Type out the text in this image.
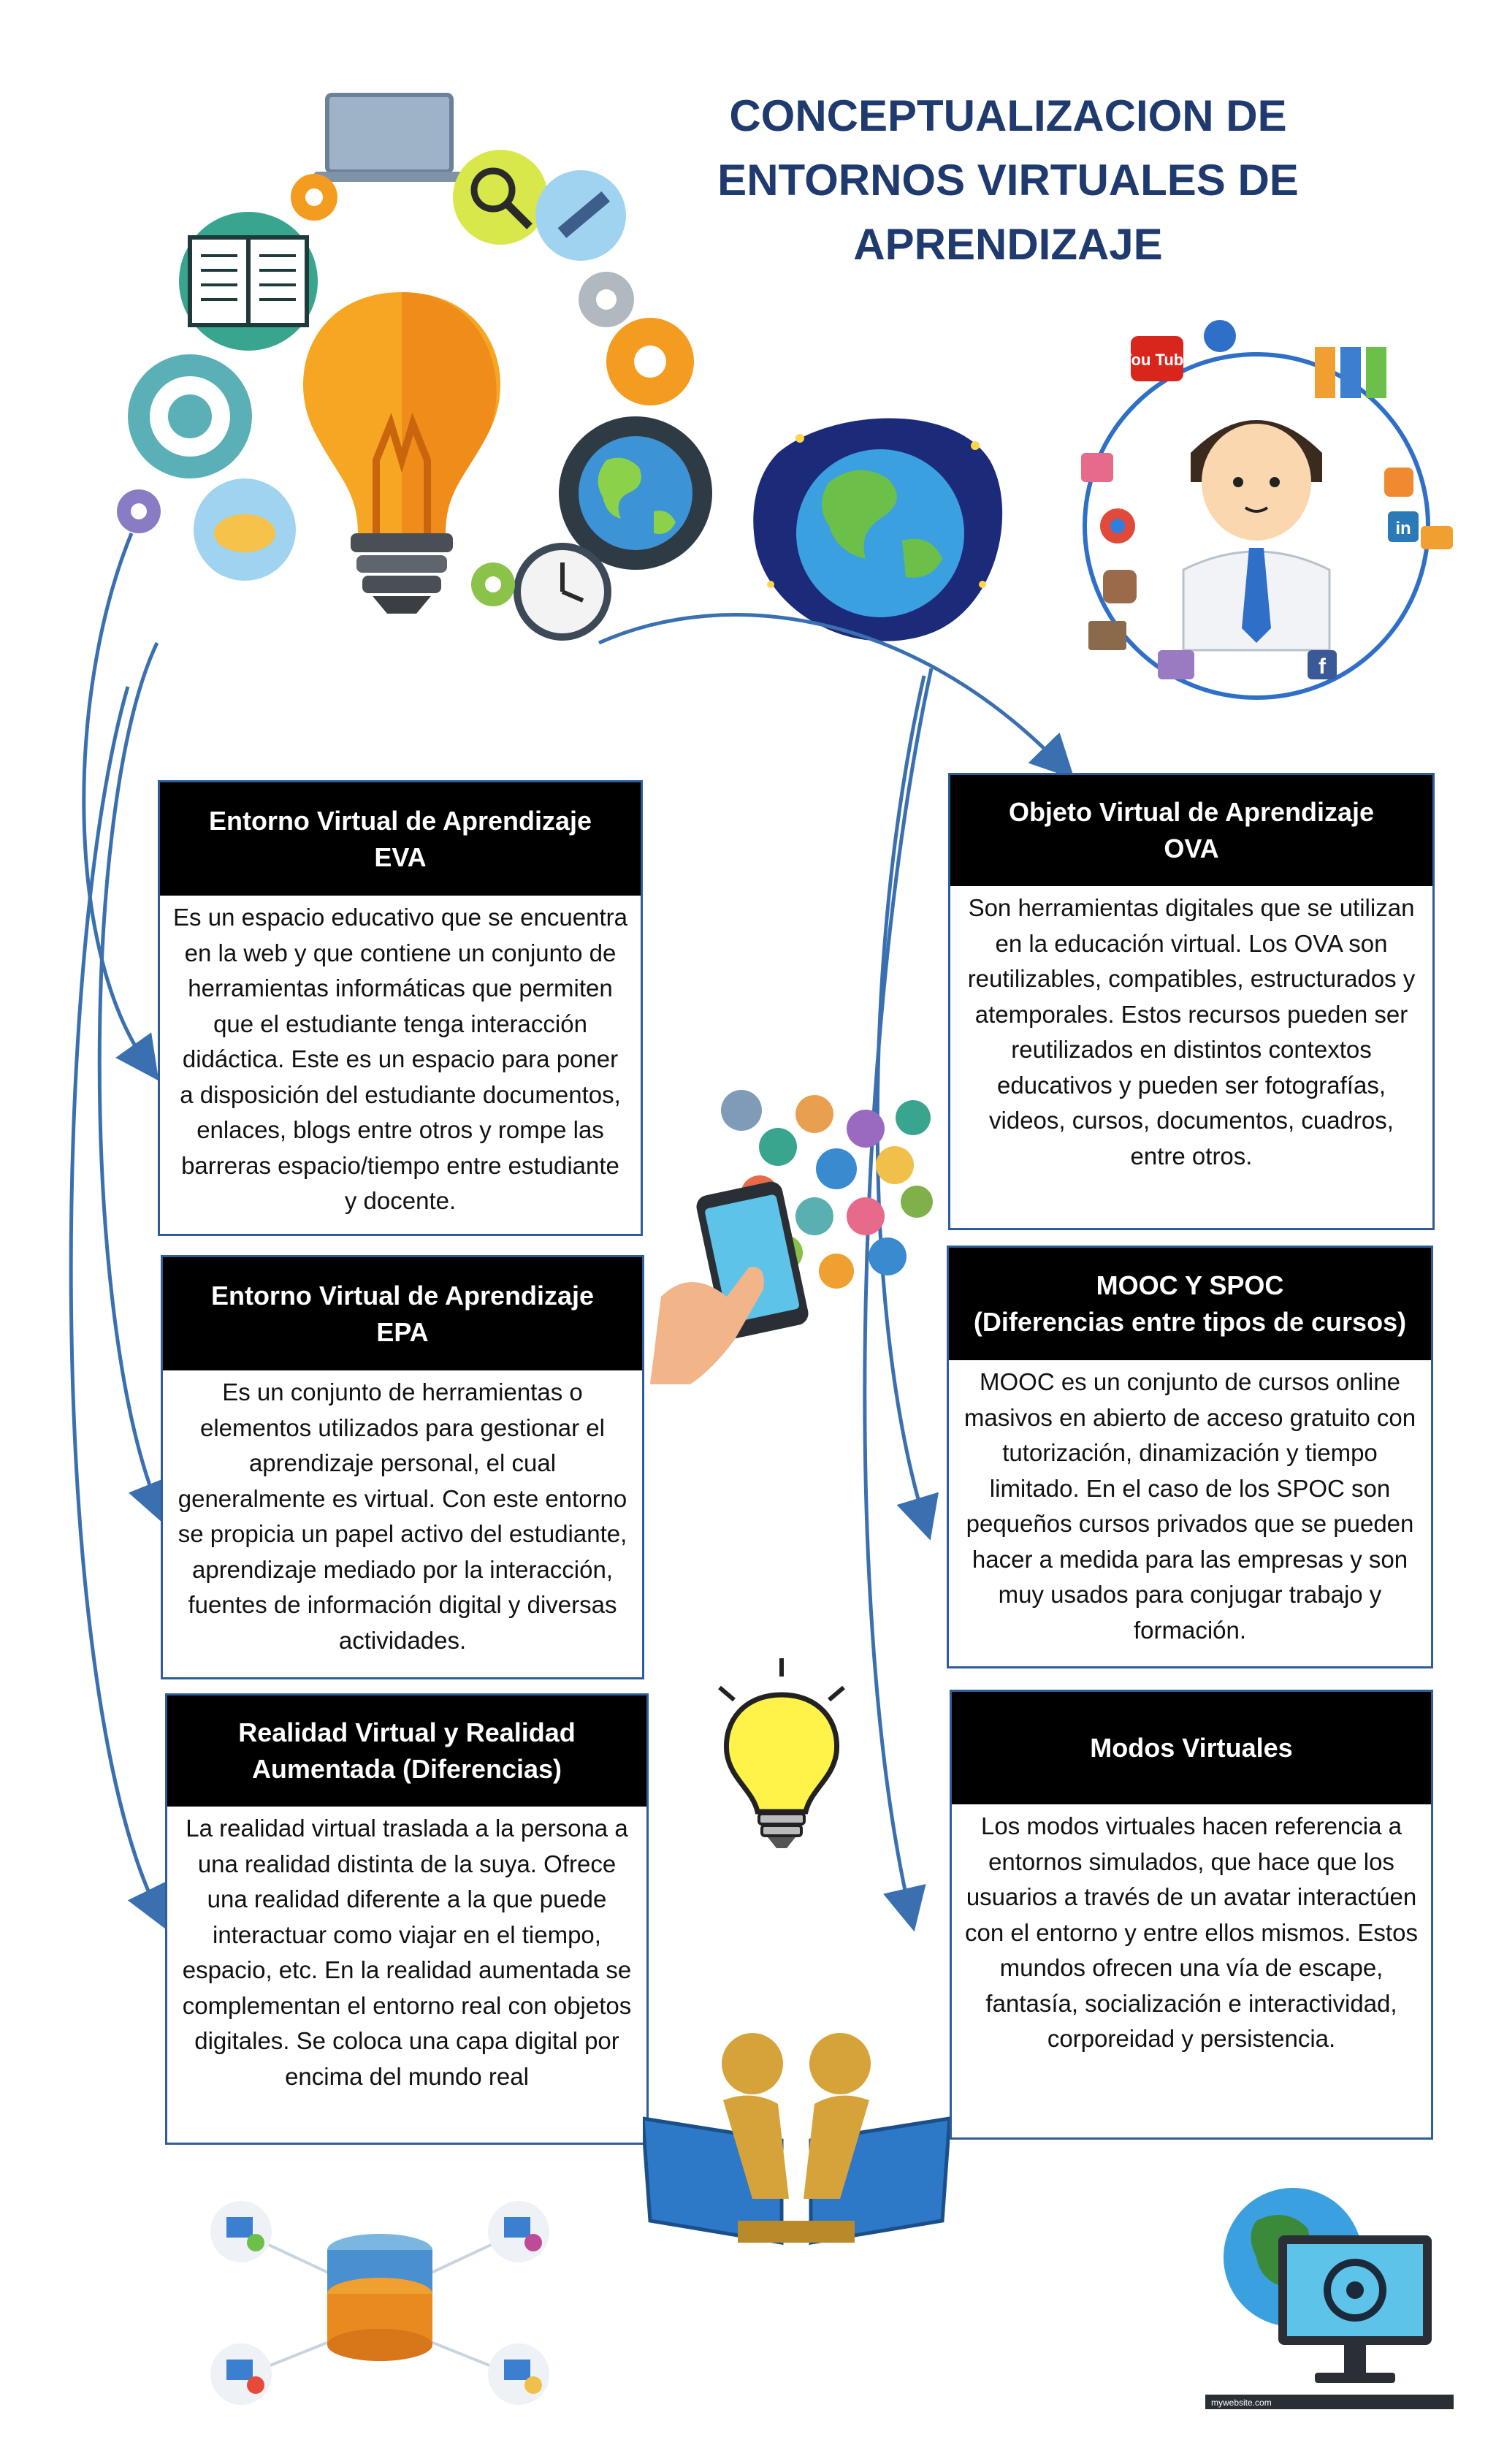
CONCEPTUALIZACION DE
ENTORNOS VIRTUALES DE
APRENDIZAJE
You Tube
in
f
Entorno Virtual de Aprendizaje
EVA
Es un espacio educativo que se encuentra en la web y que contiene un conjunto de herramientas informáticas que permiten que el estudiante tenga interacción didáctica. Este es un espacio para poner a disposición del estudiante documentos, enlaces, blogs entre otros y rompe las barreras espacio/tiempo entre estudiante y docente.
Objeto Virtual de Aprendizaje
OVA
Son herramientas digitales que se utilizan en la educación virtual. Los OVA son reutilizables, compatibles, estructurados y atemporales. Estos recursos pueden ser reutilizados en distintos contextos educativos y pueden ser fotografías, videos, cursos, documentos, cuadros, entre otros.
Entorno Virtual de Aprendizaje
EPA
Es un conjunto de herramientas o elementos utilizados para gestionar el aprendizaje personal, el cual generalmente es virtual. Con este entorno se propicia un papel activo del estudiante, aprendizaje mediado por la interacción, fuentes de información digital y diversas actividades.
MOOC Y SPOC
(Diferencias entre tipos de cursos)
MOOC es un conjunto de cursos online masivos en abierto de acceso gratuito con tutorización, dinamización y tiempo limitado. En el caso de los SPOC son pequeños cursos privados que se pueden hacer a medida para las empresas y son muy usados para conjugar trabajo y formación.
Realidad Virtual y Realidad
Aumentada (Diferencias)
La realidad virtual traslada a la persona a una realidad distinta de la suya. Ofrece una realidad diferente a la que puede interactuar como viajar en el tiempo, espacio, etc. En la realidad aumentada se complementan el entorno real con objetos digitales. Se coloca una capa digital por encima del mundo real
Modos Virtuales
Los modos virtuales hacen referencia a entornos simulados, que hace que los usuarios a través de un avatar interactúen con el entorno y entre ellos mismos. Estos mundos ofrecen una vía de escape, fantasía, socialización e interactividad, corporeidad y persistencia.
mywebsite.com
